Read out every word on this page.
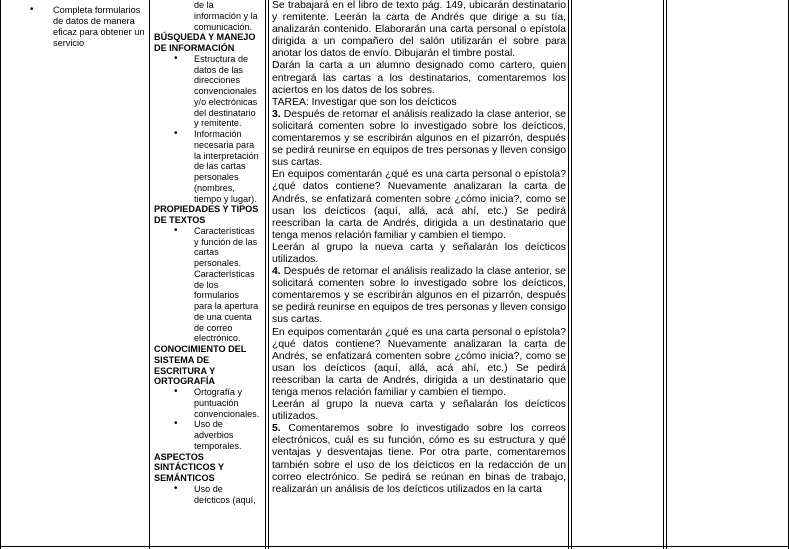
• Completa formularios de datos de manera eficaz para obtener un servicio
de la información y la comunicación.
BÚSQUEDA Y MANEJO DE INFORMACIÓN
• Estructura de datos de las direcciones convencionales y/o electrónicas del destinatario y remitente.
• Información necesaria para la interpretación de las cartas personales (nombres, tiempo y lugar).
PROPIEDADES Y TIPOS DE TEXTOS
• Características y función de las cartas personales. Características de los formularios para la apertura de una cuenta de correo electrónico.
CONOCIMIENTO DEL SISTEMA DE ESCRITURA Y ORTOGRAFÍA
• Ortografía y puntuación convencionales.
• Uso de adverbios temporales.
ASPECTOS SINTÁCTICOS Y SEMÁNTICOS
• Uso de deícticos (aquí,

Se trabajará en el libro de texto pág. 149, ubicarán destinatario y remitente. Leerán la carta de Andrés que dirige a su tía, analizarán contenido. Elaborarán una carta personal o epístola dirigida a un compañero del salón utilizarán el sobre para anotar los datos de envío. Dibujarán el timbre postal.

Darán la carta a un alumno designado como cartero, quien entregará las cartas a los destinatarios, comentaremos los aciertos en los datos de los sobres.

TAREA: Investigar que son los deícticos

3. Después de retomar el análisis realizado la clase anterior, se solicitará comenten sobre lo investigado sobre los deícticos, comentaremos y se escribirán algunos en el pizarrón, después se pedirá reunirse en equipos de tres personas y lleven consigo sus cartas.

En equipos comentarán ¿qué es una carta personal o epístola? ¿qué datos contiene? Nuevamente analizaran la carta de Andrés, se enfatizará comenten sobre ¿cómo inicia?, como se usan los deícticos (aquí, allá, acá ahí, etc.) Se pedirá reescriban la carta de Andrés, dirigida a un destinatario que tenga menos relación familiar y cambien el tiempo.

Leerán al grupo la nueva carta y señalarán los deícticos utilizados.

4. Después de retomar el análisis realizado la clase anterior, se solicitará comenten sobre lo investigado sobre los deícticos, comentaremos y se escribirán algunos en el pizarrón, después se pedirá reunirse en equipos de tres personas y lleven consigo sus cartas.

En equipos comentarán ¿qué es una carta personal o epístola? ¿qué datos contiene? Nuevamente analizaran la carta de Andrés, se enfatizará comenten sobre ¿cómo inicia?, como se usan los deícticos (aquí, allá, acá ahí, etc.) Se pedirá reescriban la carta de Andrés, dirigida a un destinatario que tenga menos relación familiar y cambien el tiempo.

Leerán al grupo la nueva carta y señalarán los deícticos utilizados.

5. Comentaremos sobre lo investigado sobre los correos electrónicos, cuál es su función, cómo es su estructura y qué ventajas y desventajas tiene. Por otra parte, comentaremos también sobre el uso de los deícticos en la redacción de un correo electrónico. Se pedirá se reúnan en binas de trabajo, realizarán un análisis de los deícticos utilizados en la carta
